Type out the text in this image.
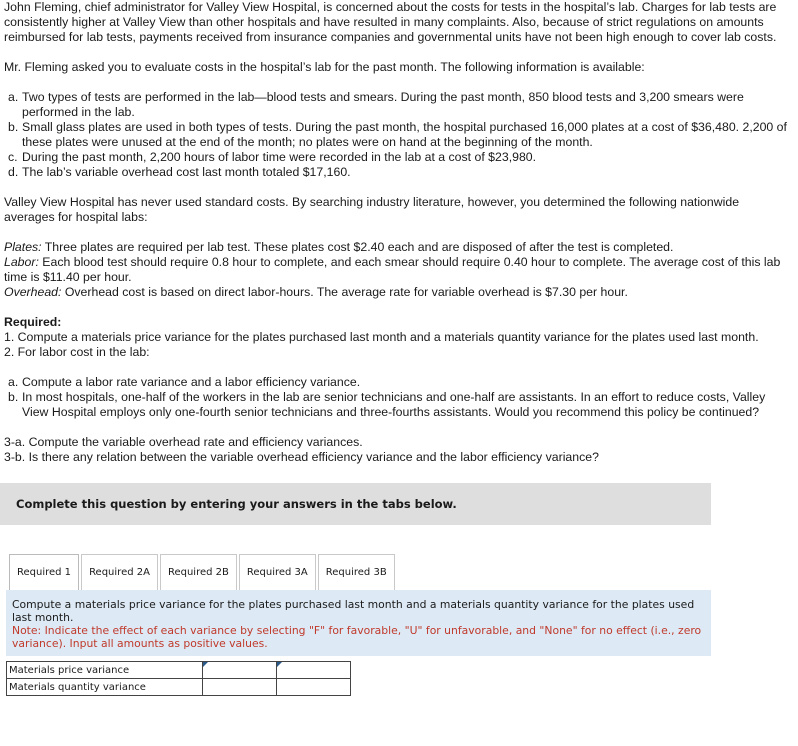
John Fleming, chief administrator for Valley View Hospital, is concerned about the costs for tests in the hospital’s lab. Charges for lab tests are consistently higher at Valley View than other hospitals and have resulted in many complaints. Also, because of strict regulations on amounts reimbursed for lab tests, payments received from insurance companies and governmental units have not been high enough to cover lab costs.

Mr. Fleming asked you to evaluate costs in the hospital’s lab for the past month. The following information is available:

a. Two types of tests are performed in the lab—blood tests and smears. During the past month, 850 blood tests and 3,200 smears were performed in the lab.
b. Small glass plates are used in both types of tests. During the past month, the hospital purchased 16,000 plates at a cost of $36,480. 2,200 of these plates were unused at the end of the month; no plates were on hand at the beginning of the month.
c. During the past month, 2,200 hours of labor time were recorded in the lab at a cost of $23,980.
d. The lab’s variable overhead cost last month totaled $17,160.

Valley View Hospital has never used standard costs. By searching industry literature, however, you determined the following nationwide averages for hospital labs:

Plates: Three plates are required per lab test. These plates cost $2.40 each and are disposed of after the test is completed.

Labor: Each blood test should require 0.8 hour to complete, and each smear should require 0.40 hour to complete. The average cost of this lab time is $11.40 per hour.

Overhead: Overhead cost is based on direct labor-hours. The average rate for variable overhead is $7.30 per hour.

Required:

1. Compute a materials price variance for the plates purchased last month and a materials quantity variance for the plates used last month.

2. For labor cost in the lab:

a. Compute a labor rate variance and a labor efficiency variance.
b. In most hospitals, one-half of the workers in the lab are senior technicians and one-half are assistants. In an effort to reduce costs, Valley View Hospital employs only one-fourth senior technicians and three-fourths assistants. Would you recommend this policy be continued?

3-a. Compute the variable overhead rate and efficiency variances.

3-b. Is there any relation between the variable overhead efficiency variance and the labor efficiency variance?

Complete this question by entering your answers in the tabs below.
Required 1	Required 2A	Required 2B	Required 3A	Required 3B

Compute a materials price variance for the plates purchased last month and a materials quantity variance for the plates used last month.

Note: Indicate the effect of each variance by selecting "F" for favorable, "U" for unfavorable, and "None" for no effect (i.e., zero variance). Input all amounts as positive values.

Materials price variance		
Materials quantity variance		
